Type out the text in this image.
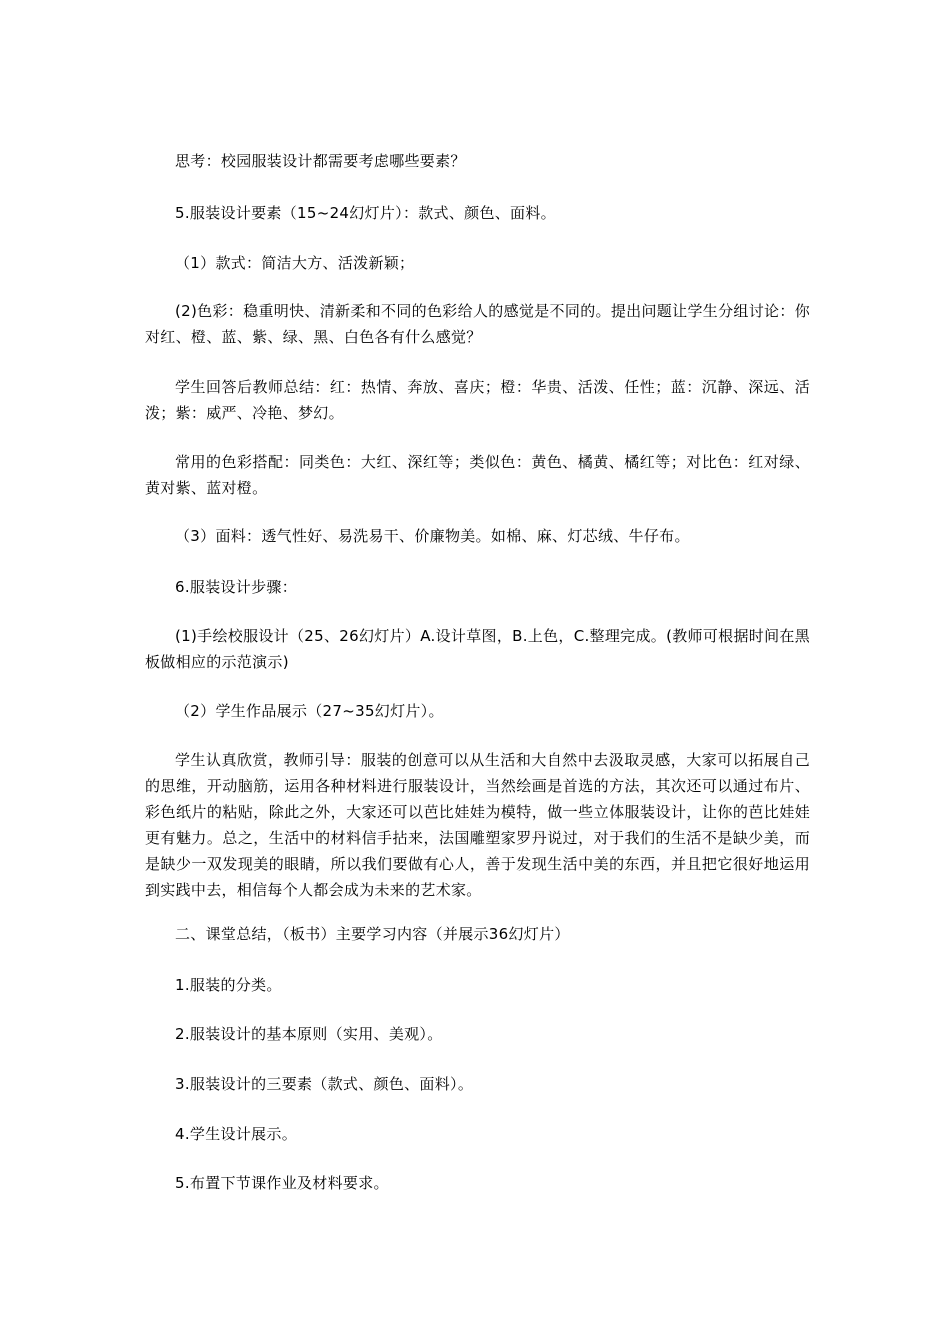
思考：校园服装设计都需要考虑哪些要素？

5.服装设计要素（15~24幻灯片）：款式、颜色、面料。

（1）款式：简洁大方、活泼新颖；

(2)色彩：稳重明快、清新柔和不同的色彩给人的感觉是不同的。提出问题让学生分组讨论：你对红、橙、蓝、紫、绿、黑、白色各有什么感觉？

学生回答后教师总结：红：热情、奔放、喜庆；橙：华贵、活泼、任性；蓝：沉静、深远、活泼；紫：威严、冷艳、梦幻。

常用的色彩搭配：同类色：大红、深红等；类似色：黄色、橘黄、橘红等；对比色：红对绿、黄对紫、蓝对橙。

（3）面料：透气性好、易洗易干、价廉物美。如棉、麻、灯芯绒、牛仔布。

6.服装设计步骤：

(1)手绘校服设计（25、26幻灯片）A.设计草图，B.上色，C.整理完成。(教师可根据时间在黑板做相应的示范演示)

（2）学生作品展示（27~35幻灯片）。

学生认真欣赏，教师引导：服装的创意可以从生活和大自然中去汲取灵感，大家可以拓展自己的思维，开动脑筋，运用各种材料进行服装设计，当然绘画是首选的方法，其次还可以通过布片、彩色纸片的粘贴，除此之外，大家还可以芭比娃娃为模特，做一些立体服装设计，让你的芭比娃娃更有魅力。总之，生活中的材料信手拈来，法国雕塑家罗丹说过，对于我们的生活不是缺少美，而是缺少一双发现美的眼睛，所以我们要做有心人，善于发现生活中美的东西，并且把它很好地运用到实践中去，相信每个人都会成为未来的艺术家。

二、课堂总结，（板书）主要学习内容（并展示36幻灯片）

1.服装的分类。

2.服装设计的基本原则（实用、美观）。

3.服装设计的三要素（款式、颜色、面料）。

4.学生设计展示。

5.布置下节课作业及材料要求。
